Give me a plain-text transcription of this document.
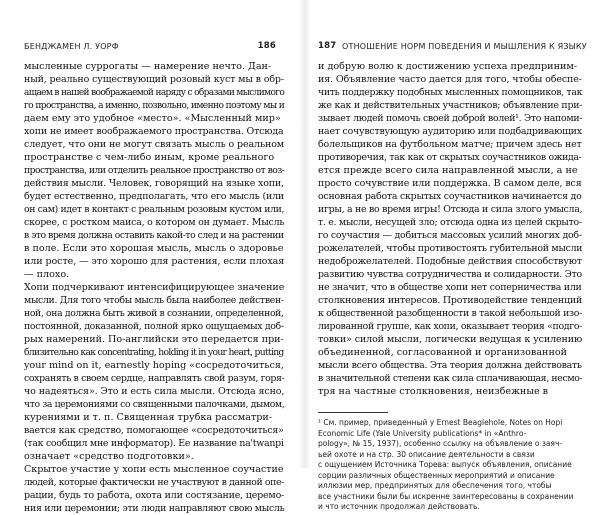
БЕНДЖАМЕН Л. УОРФ	186
мысленные суррогаты — намерение нечто. Дан-
ный, реально существующий розовый куст мы в обр-
ащаем в нашей воображаемой наряду с образами мыслимого
го пространства, а именно, позвольно, именно поэтому мы и
даем ему это удобное «место». «Мысленный мир»
хопи не имеет воображаемого пространства. Отсюда
следует, что они не могут связать мысль о реальном
пространстве с чем-либо иным, кроме реального
пространства, или отделить реальное пространство от воз-
действия мысли. Человек, говорящий на языке хопи,
будет естественно, предполагать, что его мысль (или
он сам) идет в контакт с реальным розовым кустом или,
скорее, с ростком маиса, о котором он думает. Мысль
в это время должна оставить какой-то след и на растении
в поле. Если это хорошая мысль, мысль о здоровье
или росте, — это хорошо для растения, если плохая
— плохо.
Хопи подчеркивают интенсифицирующее значение
мысли. Для того чтобы мысль была наиболее действен-
ной, она должна быть живой в сознании, определенной,
постоянной, доказанной, полной ярко ощущаемых доб-
рых намерений. По-английски это передается при-
близительно как concentrating, holding it in your heart, putting
your mind on it, earnestly hoping «сосредоточиться,
сохранять в своем сердце, направлять свой разум, горя-
чо надеяться». Это и есть сила мысли. Отсюда ясно,
что за церемониями со священными палочками, дымом,
курениями и т. п. Священная трубка рассматри-
вается как средство, помогающее «сосредоточиться»
(так сообщил мне информатор). Ее название na'twanpi
означает «средство подготовки».
Скрытое участие у хопи есть мысленное соучастие
людей, которые фактически не участвуют в данной опе-
рации, будь то работа, охота или состязание, церемо-
ния или церемонии; эти люди направляют свою мысль
187 ОТНОШЕНИЕ НОРМ ПОВЕДЕНИЯ И МЫШЛЕНИЯ К ЯЗЫКУ
и добрую волю к достижению успеха предприним-
ия. Объявление часто дается для того, чтобы обеспе-
чить поддержку подобных мысленных помощников, так
же как и действительных участников; объявление при-
зывает людей помочь своей доброй волей¹. Это напоми-
нает сочувствующую аудиторию или подбадривающих
болельщиков на футбольном матче; причем здесь нет
противоречия, так как от скрытых соучастников ожида-
ется прежде всего сила направленной мысли, а не
просто сочувствие или поддержка. В самом деле, вся
основная работа скрытых соучастников начинается до
игры, а не во время игры! Отсюда и сила злого умысла,
т. е. мысли, несущей зло; отсюда одна из целей скрыто-
го соучастия — добиться массовых усилий многих доб-
рожелателей, чтобы противостоять губительной мысли
недоброжелателей. Подобные действия способствуют
развитию чувства сотрудничества и солидарности. Это
не значит, что в обществе хопи нет соперничества или
столкновения интересов. Противодействие тенденций
к общественной разобщенности в такой небольшой изо-
лированной группе, как хопи, оказывает теория «подго-
товки» силой мысли, логически ведущая к усилению
объединенной, согласованной и организованной
мысли всего общества. Эта теория должна действовать
в значительной степени как сила сплачивающая, несмо-
тря на частные столкновения, неизбежные в
¹ См. пример, приведенный у Ernest Beaglehole, Notes on Hopi
Economic Life (Yale University publications* in «Anthro-
pology», № 15, 1937), особенно ссылку на объявление о заяч-
ьей охоте и на стр. 30 описание деятельности в связи
с ощущением Источника Торева: выпуск объявления, описание
сорции различных общественных мероприятий и описание
иллюзии мер, предпринятых для обеспечения того, чтобы
все участники были бы искренне заинтересованы в сохранении
и что источник продолжал действовать.
